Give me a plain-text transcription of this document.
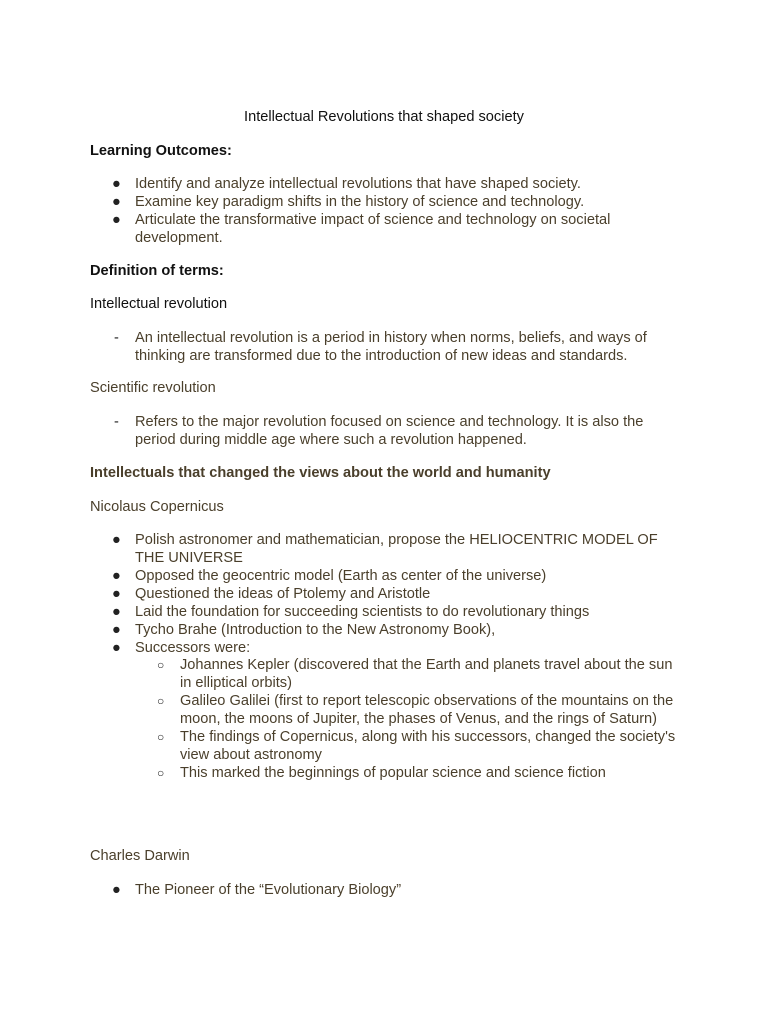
Intellectual Revolutions that shaped society
Learning Outcomes:
● Identify and analyze intellectual revolutions that have shaped society.
● Examine key paradigm shifts in the history of science and technology.
● Articulate the transformative impact of science and technology on societal development.
Definition of terms:
Intellectual revolution
- An intellectual revolution is a period in history when norms, beliefs, and ways of thinking are transformed due to the introduction of new ideas and standards.
Scientific revolution
- Refers to the major revolution focused on science and technology. It is also the period during middle age where such a revolution happened.
Intellectuals that changed the views about the world and humanity
Nicolaus Copernicus
● Polish astronomer and mathematician, propose the HELIOCENTRIC MODEL OF THE UNIVERSE
● Opposed the geocentric model (Earth as center of the universe)
● Questioned the ideas of Ptolemy and Aristotle
● Laid the foundation for succeeding scientists to do revolutionary things
● Tycho Brahe (Introduction to the New Astronomy Book),
● Successors were:
○ Johannes Kepler (discovered that the Earth and planets travel about the sun in elliptical orbits)
○ Galileo Galilei (first to report telescopic observations of the mountains on the moon, the moons of Jupiter, the phases of Venus, and the rings of Saturn)
○ The findings of Copernicus, along with his successors, changed the society's view about astronomy
○ This marked the beginnings of popular science and science fiction
Charles Darwin
● The Pioneer of the “Evolutionary Biology”
